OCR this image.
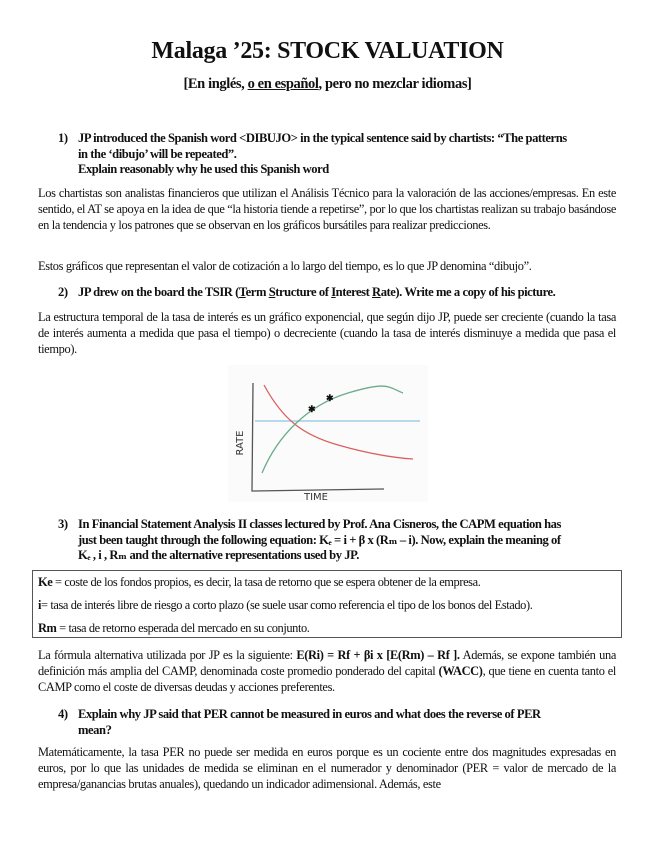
Malaga ’25: STOCK VALUATION
[En inglés, o en español, pero no mezclar idiomas]
1) JP introduced the Spanish word <DIBUJO> in the typical sentence said by chartists: “The patterns
in the ‘dibujo’ will be repeated”.
Explain reasonably why he used this Spanish word
Los chartistas son analistas financieros que utilizan el Análisis Técnico para la valoración de las acciones/empresas. En este sentido, el AT se apoya en la idea de que “la historia tiende a repetirse”, por lo que los chartistas realizan su trabajo basándose en la tendencia y los patrones que se observan en los gráficos bursátiles para realizar predicciones.
Estos gráficos que representan el valor de cotización a lo largo del tiempo, es lo que JP denomina “dibujo”.
2) JP drew on the board the TSIR (Term Structure of Interest Rate). Write me a copy of his picture.
La estructura temporal de la tasa de interés es un gráfico exponencial, que según dijo JP, puede ser creciente (cuando la tasa de interés aumenta a medida que pasa el tiempo) o decreciente (cuando la tasa de interés disminuye a medida que pasa el tiempo).
✱
✱
RATE
TIME
3) In Financial Statement Analysis II classes lectured by Prof. Ana Cisneros, the CAPM equation has
just been taught through the following equation: Kₑ = i + β x (Rₘ – i). Now, explain the meaning of
Kₑ , i , Rₘ and the alternative representations used by JP.
Ke = coste de los fondos propios, es decir, la tasa de retorno que se espera obtener de la empresa.
i= tasa de interés libre de riesgo a corto plazo (se suele usar como referencia el tipo de los bonos del Estado).
Rm = tasa de retorno esperada del mercado en su conjunto.
La fórmula alternativa utilizada por JP es la siguiente: E(Ri) = Rf + βi x [E(Rm) – Rf ]. Además, se expone también una definición más amplia del CAMP, denominada coste promedio ponderado del capital (WACC), que tiene en cuenta tanto el CAMP como el coste de diversas deudas y acciones preferentes.
4) Explain why JP said that PER cannot be measured in euros and what does the reverse of PER
mean?
Matemáticamente, la tasa PER no puede ser medida en euros porque es un cociente entre dos magnitudes expresadas en euros, por lo que las unidades de medida se eliminan en el numerador y denominador (PER = valor de mercado de la empresa/ganancias brutas anuales), quedando un indicador adimensional. Además, este
